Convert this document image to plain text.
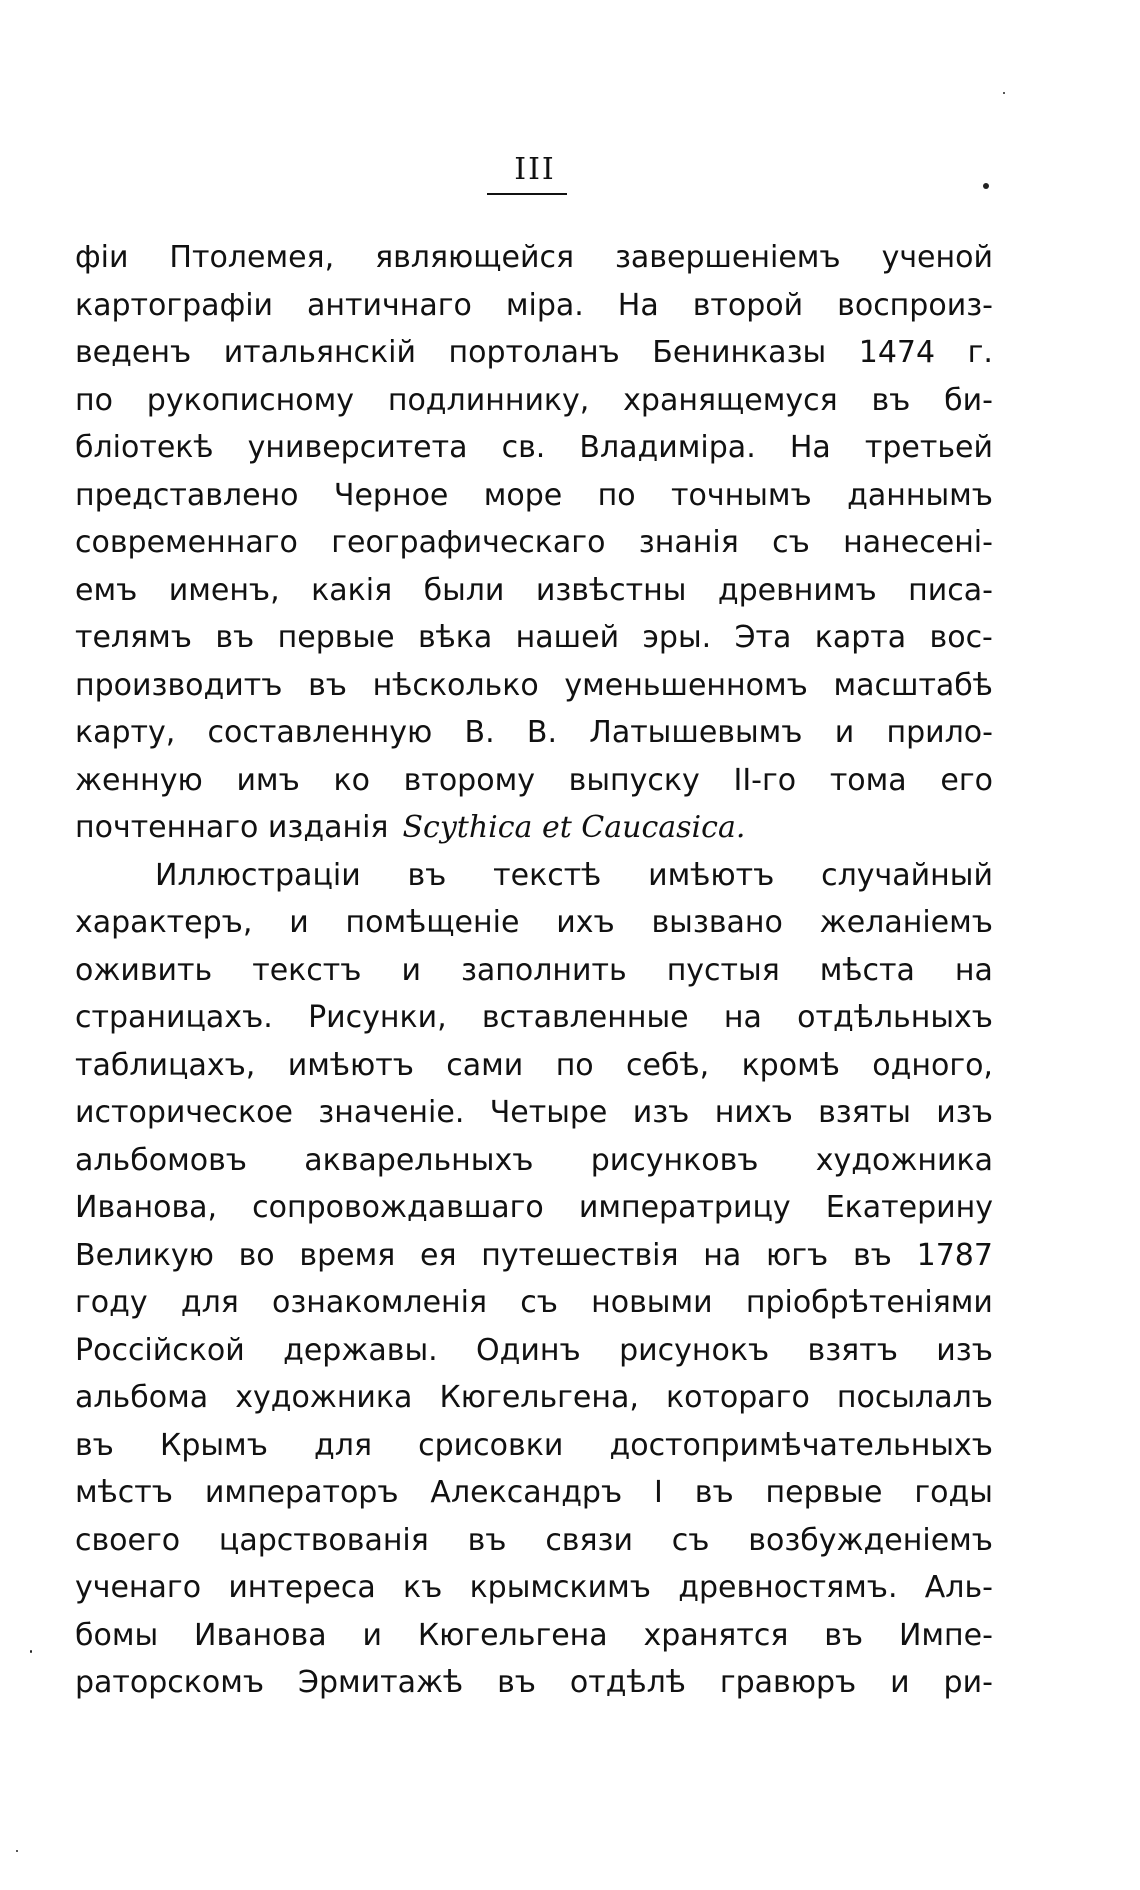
III
фіи Птолемея, являющейся завершеніемъ ученой
картографіи античнаго міра. На второй воспроиз-
веденъ итальянскій портоланъ Бенинказы 1474 г.
по рукописному подлиннику, хранящемуся въ би-
бліотекѣ университета св. Владиміра. На третьей
представлено Черное море по точнымъ даннымъ
современнаго географическаго знанія съ нанесені-
емъ именъ, какія были извѣстны древнимъ писа-
телямъ въ первые вѣка нашей эры. Эта карта вос-
производитъ въ нѣсколько уменьшенномъ масштабѣ
карту, составленную В. В. Латышевымъ и прило-
женную имъ ко второму выпуску II-го тома его
почтеннаго изданія Scythica et Caucasica.
Иллюстраціи въ текстѣ имѣютъ случайный
характеръ, и помѣщеніе ихъ вызвано желаніемъ
оживить текстъ и заполнить пустыя мѣста на
страницахъ. Рисунки, вставленные на отдѣльныхъ
таблицахъ, имѣютъ сами по себѣ, кромѣ одного,
историческое значеніе. Четыре изъ нихъ взяты изъ
альбомовъ акварельныхъ рисунковъ художника
Иванова, сопровождавшаго императрицу Екатерину
Великую во время ея путешествія на югъ въ 1787
году для ознакомленія съ новыми пріобрѣтеніями
Россійской державы. Одинъ рисунокъ взятъ изъ
альбома художника Кюгельгена, котораго посылалъ
въ Крымъ для срисовки достопримѣчательныхъ
мѣстъ императоръ Александръ I въ первые годы
своего царствованія въ связи съ возбужденіемъ
ученаго интереса къ крымскимъ древностямъ. Аль-
бомы Иванова и Кюгельгена хранятся въ Импе-
раторскомъ Эрмитажѣ въ отдѣлѣ гравюръ и ри-
